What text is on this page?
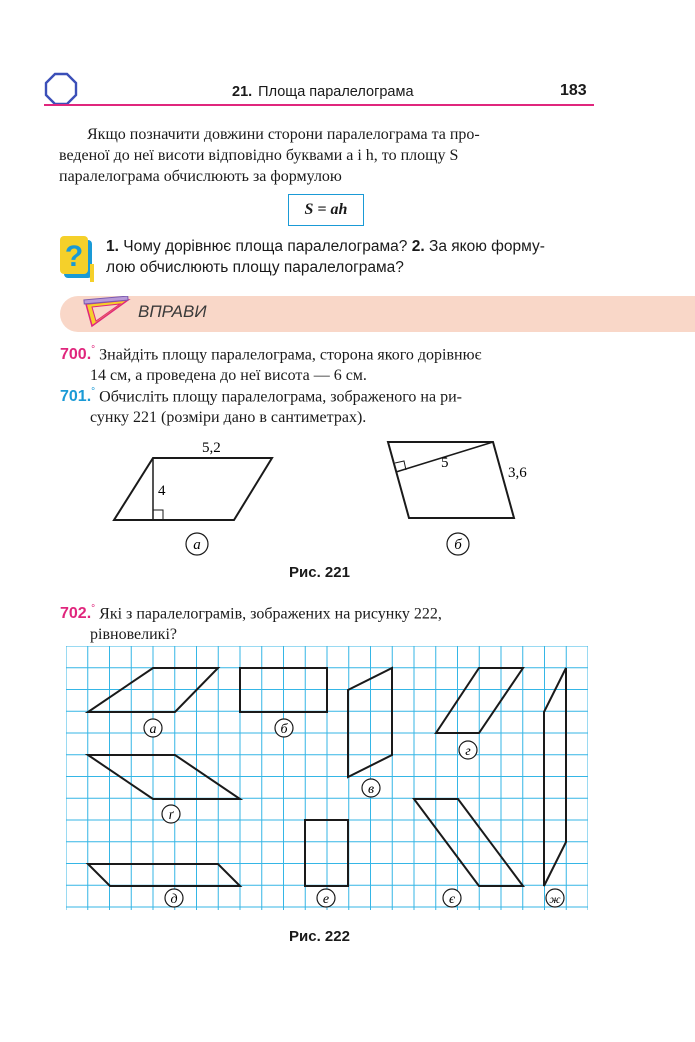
21. Площа паралелограма	183

Якщо позначити довжини сторони паралелограма та про-

веденої до неї висоти відповідно буквами a і h, то площу S

паралелограма обчислюють за формулою

S = ah
? 1. Чому дорівнює площа паралелограма? 2. За якою форму-
лою обчислюють площу паралелограма?
ВПРАВИ

700.° Знайдіть площу паралелограма, сторона якого дорівнює

14 см, а проведена до неї висота — 6 см.

701.° Обчисліть площу паралелограма, зображеного на ри-

сунку 221 (розміри дано в сантиметрах).

5,2
4
а
5
3,6
б
Рис. 221

702.° Які з паралелограмів, зображених на рисунку 222,

рівновеликі?

а	б
в
г
ґ
д	е	є	ж
Рис. 222
